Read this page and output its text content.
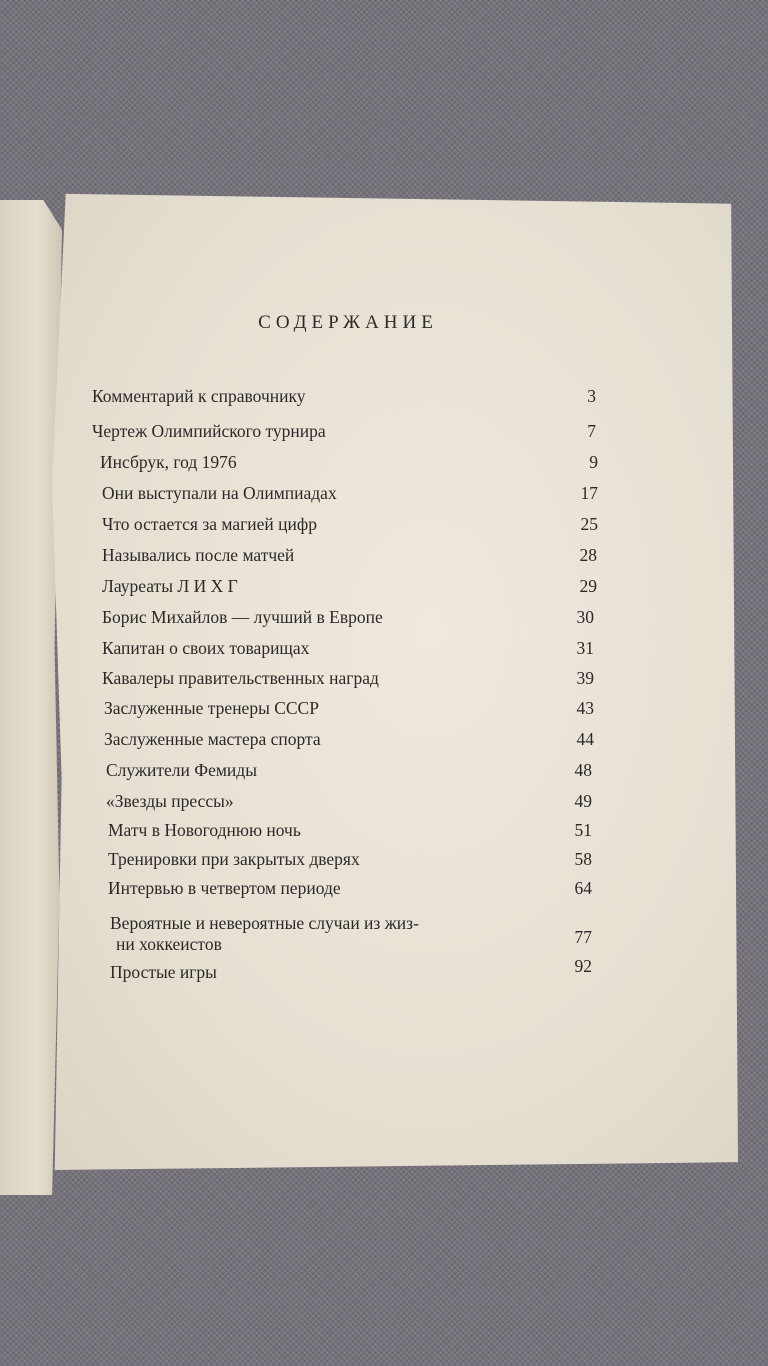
СОДЕРЖАНИЕ
Комментарий к справочнику	3
Чертеж Олимпийского турнира	7
Инсбрук, год 1976	9
Они выступали на Олимпиадах	17
Что остается за магией цифр	25
Назывались после матчей	28
Лауреаты Л И Х Г	29
Борис Михайлов — лучший в Европе	30
Капитан о своих товарищах	31
Кавалеры правительственных наград	39
Заслуженные тренеры СССР	43
Заслуженные мастера спорта	44
Служители Фемиды	48
«Звезды прессы»	49
Матч в Новогоднюю ночь	51
Тренировки при закрытых дверях	58
Интервью в четвертом периоде	64
Вероятные и невероятные случаи из жиз-
ни хоккеистов	77
Простые игры	92
